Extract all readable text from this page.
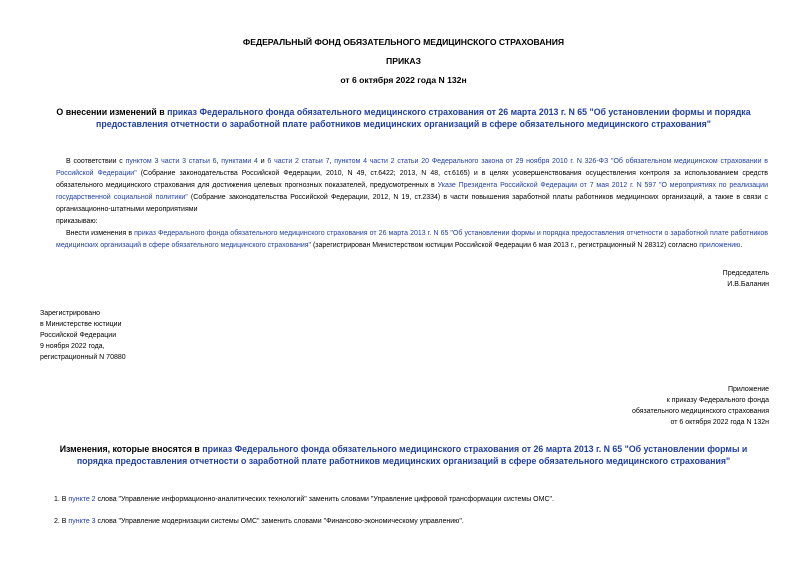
ФЕДЕРАЛЬНЫЙ ФОНД ОБЯЗАТЕЛЬНОГО МЕДИЦИНСКОГО СТРАХОВАНИЯ
ПРИКАЗ
от 6 октября 2022 года N 132н
О внесении изменений в приказ Федерального фонда обязательного медицинского страхования от 26 марта 2013 г. N 65 "Об установлении формы и порядка предоставления отчетности о заработной плате работников медицинских организаций в сфере обязательного медицинского страхования"
В соответствии с пунктом 3 части 3 статьи 6, пунктами 4 и 6 части 2 статьи 7, пунктом 4 части 2 статьи 20 Федерального закона от 29 ноября 2010 г. N 326-ФЗ "Об обязательном медицинском страховании в Российской Федерации" (Собрание законодательства Российской Федерации, 2010, N 49, ст.6422; 2013, N 48, ст.6165) и в целях усовершенствования осуществления контроля за использованием средств обязательного медицинского страхования для достижения целевых прогнозных показателей, предусмотренных в Указе Президента Российской Федерации от 7 мая 2012 г. N 597 "О мероприятиях по реализации государственной социальной политики" (Собрание законодательства Российской Федерации, 2012, N 19, ст.2334) в части повышения заработной платы работников медицинских организаций, а также в связи с организационно-штатными мероприятиями
приказываю:
Внести изменения в приказ Федерального фонда обязательного медицинского страхования от 26 марта 2013 г. N 65 "Об установлении формы и порядка предоставления отчетности о заработной плате работников медицинских организаций в сфере обязательного медицинского страхования" (зарегистрирован Министерством юстиции Российской Федерации 6 мая 2013 г., регистрационный N 28312) согласно приложению.
Председатель
И.В.Баланин
Зарегистрировано
в Министерстве юстиции
Российской Федерации
9 ноября 2022 года,
регистрационный N 70880
Приложение
к приказу Федерального фонда
обязательного медицинского страхования
от 6 октября 2022 года N 132н
Изменения, которые вносятся в приказ Федерального фонда обязательного медицинского страхования от 26 марта 2013 г. N 65 "Об установлении формы и порядка предоставления отчетности о заработной плате работников медицинских организаций в сфере обязательного медицинского страхования"
1. В пункте 2 слова "Управление информационно-аналитических технологий" заменить словами "Управление цифровой трансформации системы ОМС".
2. В пункте 3 слова "Управление модернизации системы ОМС" заменить словами "Финансово-экономическому управлению".
